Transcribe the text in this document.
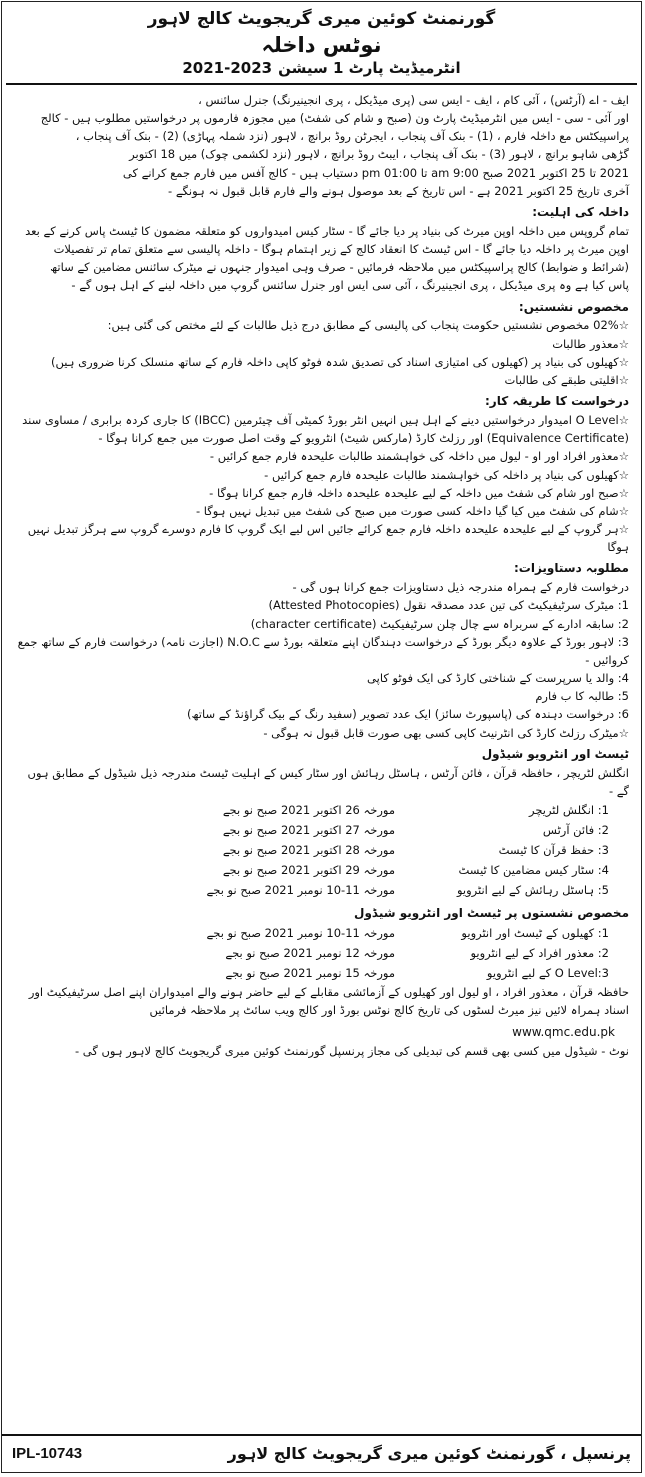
گورنمنٹ کوئین میری گریجویٹ کالج لاہور
نوٹس داخلہ
انٹرمیڈیٹ پارٹ 1 سیشن
2021-2023
ایف - اے (آرٹس) ، آئی کام ، ایف - ایس سی (پری میڈیکل ، پری انجینیرنگ) جنرل سائنس ،
اور آئی - سی - ایس میں انٹرمیڈیٹ پارٹ ون (صبح و شام کی شفٹ) میں مجوزہ فارموں پر درخواستیں مطلوب ہیں - کالج
پراسپیکٹس مع داخلہ فارم ، (1) - بنک آف پنجاب ، ایجرٹن روڈ برانچ ، لاہور (نزد شملہ پہاڑی) (2) - بنک آف پنجاب ،
گڑھی شاہو برانچ ، لاہور (3) - بنک آف پنجاب ، ایبٹ روڈ برانچ ، لاہور (نزد لکشمی چوک) میں 18 اکتوبر
2021 تا 25 اکتوبر 2021 صبح 9:00 am تا 01:00 pm دستیاب ہیں - کالج آفس میں فارم جمع کرانے کی
آخری تاریخ 25 اکتوبر 2021 ہے - اس تاریخ کے بعد موصول ہونے والے فارم قابل قبول نہ ہونگے -
داخلہ کی اہلیت:
تمام گروپس میں داخلہ اوپن میرٹ کی بنیاد پر دیا جائے گا - سٹار کیس امیدواروں کو متعلقہ مضمون کا ٹیسٹ پاس کرنے کے بعد
اوپن میرٹ پر داخلہ دیا جائے گا - اس ٹیسٹ کا انعقاد کالج کے زیر اہتمام ہوگا - داخلہ پالیسی سے متعلق تمام تر تفصیلات
(شرائط و ضوابط) کالج پراسپیکٹس میں ملاحظہ فرمائیں - صرف وہی امیدوار جنہوں نے میٹرک سائنس مضامین کے ساتھ
پاس کیا ہے وہ پری میڈیکل ، پری انجینیرنگ ، آئی سی ایس اور جنرل سائنس گروپ میں داخلہ لینے کے اہل ہوں گے -
مخصوص نشستیں:
☆ 02% مخصوص نشستیں حکومت پنجاب کی پالیسی کے مطابق درج ذیل طالبات کے لئے مختص کی گئی ہیں:
☆ معذور طالبات
☆ کھیلوں کی بنیاد پر (کھیلوں کی امتیازی اسناد کی تصدیق شدہ فوٹو کاپی داخلہ فارم کے ساتھ منسلک کرنا ضروری ہیں)
☆ اقلیتی طبقے کی طالبات
درخواست کا طریقہ کار:
☆ O Level امیدوار درخواستیں دینے کے اہل ہیں انہیں انٹر بورڈ کمیٹی آف چیئرمین (IBCC) کا جاری کردہ برابری / مساوی سند (Equivalence Certificate) اور رزلٹ کارڈ (مارکس شیٹ) انٹرویو کے وقت اصل صورت میں جمع کرانا ہوگا -
☆ معذور افراد اور او - لیول میں داخلہ کی خواہشمند طالبات علیحدہ فارم جمع کرائیں -
☆ کھیلوں کی بنیاد پر داخلہ کی خواہشمند طالبات علیحدہ فارم جمع کرائیں -
☆ صبح اور شام کی شفٹ میں داخلہ کے لیے علیحدہ علیحدہ داخلہ فارم جمع کرانا ہوگا -
☆ شام کی شفٹ میں کیا گیا داخلہ کسی صورت میں صبح کی شفٹ میں تبدیل نہیں ہوگا -
☆ ہر گروپ کے لیے علیحدہ علیحدہ داخلہ فارم جمع کرائے جائیں اس لیے ایک گروپ کا فارم دوسرے گروپ سے ہرگز تبدیل نہیں ہوگا
مطلوبہ دستاویزات:
درخواست فارم کے ہمراہ مندرجہ ذیل دستاویزات جمع کرانا ہوں گی -
1: میٹرک سرٹیفیکیٹ کی تین عدد مصدقہ نقول (Attested Photocopies)
2: سابقہ ادارے کے سربراہ سے چال چلن سرٹیفیکیٹ (character certificate)
3: لاہور بورڈ کے علاوہ دیگر بورڈ کے درخواست دہندگان اپنے متعلقہ بورڈ سے N.O.C (اجازت نامہ) درخواست فارم کے ساتھ جمع کروائیں -
4: والد یا سرپرست کے شناختی کارڈ کی ایک فوٹو کاپی
5: طالبہ کا ب فارم
6: درخواست دہندہ کی (پاسپورٹ سائز) ایک عدد تصویر (سفید رنگ کے بیک گراؤنڈ کے ساتھ)
☆ میٹرک رزلٹ کارڈ کی انٹرنیٹ کاپی کسی بھی صورت قابل قبول نہ ہوگی -
ٹیسٹ اور انٹرویو شیڈول
انگلش لٹریچر ، حافظہ قرآن ، فائن آرٹس ، ہاسٹل رہائش اور سٹار کیس کے اہلیت ٹیسٹ مندرجہ ذیل شیڈول کے مطابق ہوں گے -
1: انگلش لٹریچر
مورخہ 26 اکتوبر 2021 صبح نو بجے
2: فائن آرٹس
مورخہ 27 اکتوبر 2021 صبح نو بجے
3: حفظ قرآن کا ٹیسٹ
مورخہ 28 اکتوبر 2021 صبح نو بجے
4: سٹار کیس مضامین کا ٹیسٹ
مورخہ 29 اکتوبر 2021 صبح نو بجے
5: ہاسٹل رہائش کے لیے انٹرویو
مورخہ 11-10 نومبر 2021 صبح نو بجے
مخصوص نشستوں پر ٹیسٹ اور انٹرویو شیڈول
1: کھیلوں کے ٹیسٹ اور انٹرویو
مورخہ 11-10 نومبر 2021 صبح نو بجے
2: معذور افراد کے لیے انٹرویو
مورخہ 12 نومبر 2021 صبح نو بجے
O Level:3 کے لیے انٹرویو
مورخہ 15 نومبر 2021 صبح نو بجے
حافظہ قرآن ، معذور افراد ، او لیول اور کھیلوں کے آزمائشی مقابلے کے لیے حاضر ہونے والے امیدواران اپنے اصل سرٹیفیکیٹ اور اسناد ہمراہ لائیں نیز میرٹ لسٹوں کی تاریخ کالج نوٹس بورڈ اور کالج ویب سائٹ پر ملاحظہ فرمائیں
www.qmc.edu.pk
نوٹ - شیڈول میں کسی بھی قسم کی تبدیلی کی مجاز پرنسپل گورنمنٹ کوئین میری گریجویٹ کالج لاہور ہوں گی -
IPL-10743	پرنسپل ، گورنمنٹ کوئین میری گریجویٹ کالج لاہور
